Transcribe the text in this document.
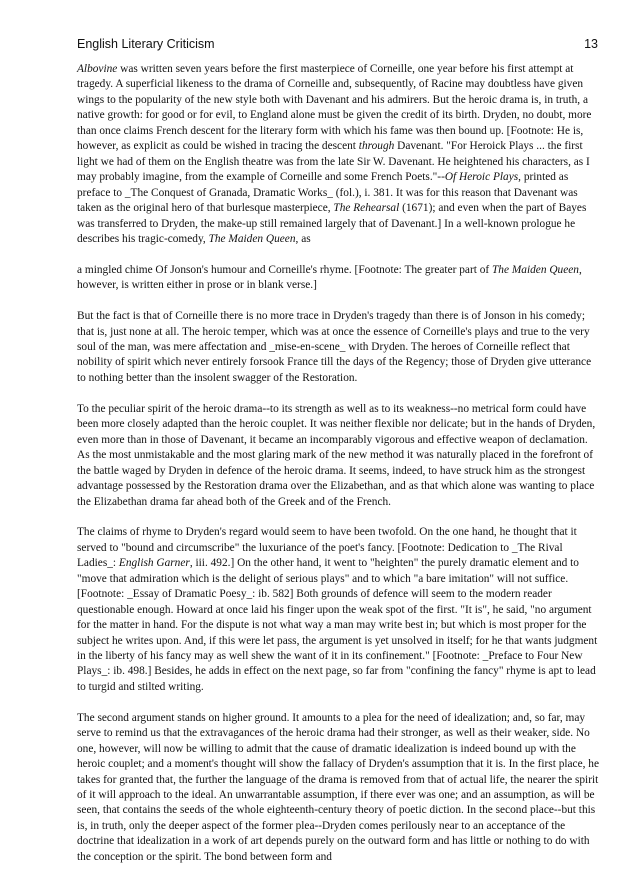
English Literary Criticism	13

Albovine was written seven years before the first masterpiece of Corneille, one year before his first attempt at tragedy. A superficial likeness to the drama of Corneille and, subsequently, of Racine may doubtless have given wings to the popularity of the new style both with Davenant and his admirers. But the heroic drama is, in truth, a native growth: for good or for evil, to England alone must be given the credit of its birth. Dryden, no doubt, more than once claims French descent for the literary form with which his fame was then bound up. [Footnote: He is, however, as explicit as could be wished in tracing the descent through Davenant. "For Heroick Plays ... the first light we had of them on the English theatre was from the late Sir W. Davenant. He heightened his characters, as I may probably imagine, from the example of Corneille and some French Poets."--Of Heroic Plays, printed as preface to _The Conquest of Granada, Dramatic Works_ (fol.), i. 381. It was for this reason that Davenant was taken as the original hero of that burlesque masterpiece, The Rehearsal (1671); and even when the part of Bayes was transferred to Dryden, the make-up still remained largely that of Davenant.] In a well-known prologue he describes his tragic-comedy, The Maiden Queen, as

a mingled chime Of Jonson's humour and Corneille's rhyme. [Footnote: The greater part of The Maiden Queen, however, is written either in prose or in blank verse.]

But the fact is that of Corneille there is no more trace in Dryden's tragedy than there is of Jonson in his comedy; that is, just none at all. The heroic temper, which was at once the essence of Corneille's plays and true to the very soul of the man, was mere affectation and _mise-en-scene_ with Dryden. The heroes of Corneille reflect that nobility of spirit which never entirely forsook France till the days of the Regency; those of Dryden give utterance to nothing better than the insolent swagger of the Restoration.

To the peculiar spirit of the heroic drama--to its strength as well as to its weakness--no metrical form could have been more closely adapted than the heroic couplet. It was neither flexible nor delicate; but in the hands of Dryden, even more than in those of Davenant, it became an incomparably vigorous and effective weapon of declamation. As the most unmistakable and the most glaring mark of the new method it was naturally placed in the forefront of the battle waged by Dryden in defence of the heroic drama. It seems, indeed, to have struck him as the strongest advantage possessed by the Restoration drama over the Elizabethan, and as that which alone was wanting to place the Elizabethan drama far ahead both of the Greek and of the French.

The claims of rhyme to Dryden's regard would seem to have been twofold. On the one hand, he thought that it served to "bound and circumscribe" the luxuriance of the poet's fancy. [Footnote: Dedication to _The Rival Ladies_: English Garner, iii. 492.] On the other hand, it went to "heighten" the purely dramatic element and to "move that admiration which is the delight of serious plays" and to which "a bare imitation" will not suffice. [Footnote: _Essay of Dramatic Poesy_: ib. 582] Both grounds of defence will seem to the modern reader questionable enough. Howard at once laid his finger upon the weak spot of the first. "It is", he said, "no argument for the matter in hand. For the dispute is not what way a man may write best in; but which is most proper for the subject he writes upon. And, if this were let pass, the argument is yet unsolved in itself; for he that wants judgment in the liberty of his fancy may as well shew the want of it in its confinement." [Footnote: _Preface to Four New Plays_: ib. 498.] Besides, he adds in effect on the next page, so far from "confining the fancy" rhyme is apt to lead to turgid and stilted writing.

The second argument stands on higher ground. It amounts to a plea for the need of idealization; and, so far, may serve to remind us that the extravagances of the heroic drama had their stronger, as well as their weaker, side. No one, however, will now be willing to admit that the cause of dramatic idealization is indeed bound up with the heroic couplet; and a moment's thought will show the fallacy of Dryden's assumption that it is. In the first place, he takes for granted that, the further the language of the drama is removed from that of actual life, the nearer the spirit of it will approach to the ideal. An unwarrantable assumption, if there ever was one; and an assumption, as will be seen, that contains the seeds of the whole eighteenth-century theory of poetic diction. In the second place--but this is, in truth, only the deeper aspect of the former plea--Dryden comes perilously near to an acceptance of the doctrine that idealization in a work of art depends purely on the outward form and has little or nothing to do with the conception or the spirit. The bond between form and
